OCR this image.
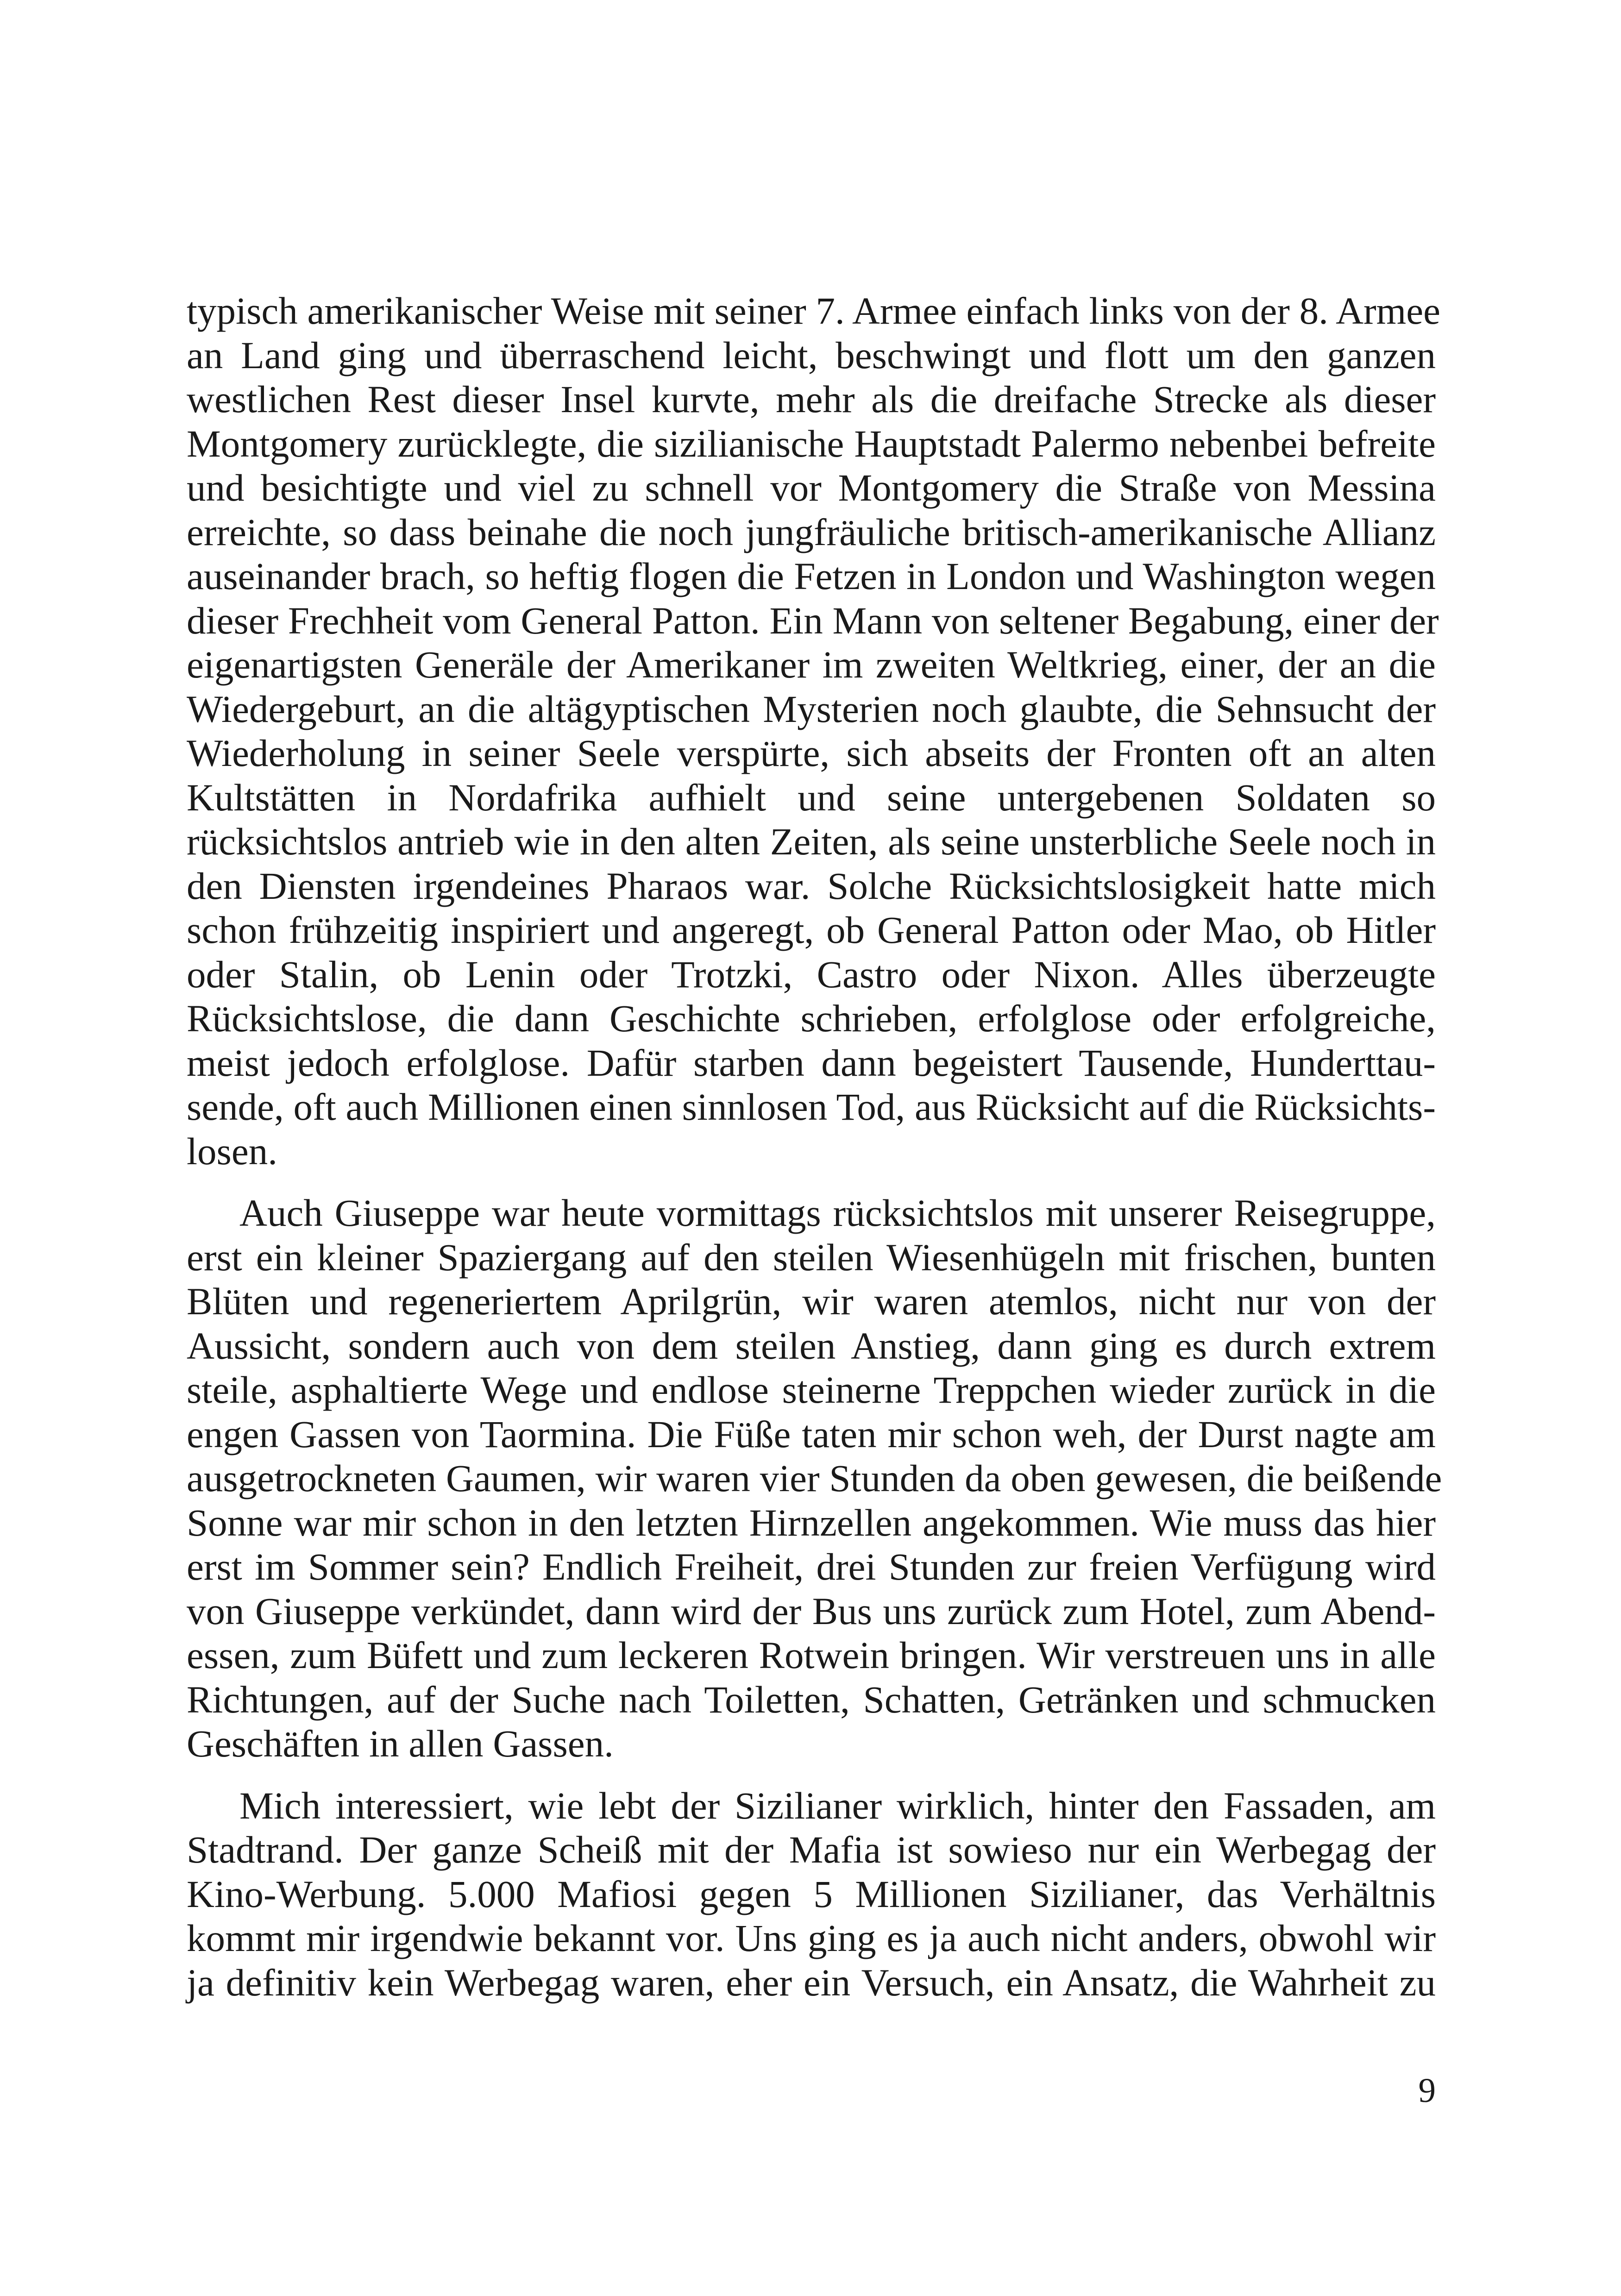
typisch amerikanischer Weise mit seiner 7. Armee einfach links von der 8. Armee
an Land ging und überraschend leicht, beschwingt und flott um den ganzen
westlichen Rest dieser Insel kurvte, mehr als die dreifache Strecke als dieser
Montgomery zurücklegte, die sizilianische Hauptstadt Palermo nebenbei befreite
und besichtigte und viel zu schnell vor Montgomery die Straße von Messina
erreichte, so dass beinahe die noch jungfräuliche britisch-amerikanische Allianz
auseinander brach, so heftig flogen die Fetzen in London und Washington wegen
dieser Frechheit vom General Patton. Ein Mann von seltener Begabung, einer der
eigenartigsten Generäle der Amerikaner im zweiten Weltkrieg, einer, der an die
Wiedergeburt, an die altägyptischen Mysterien noch glaubte, die Sehnsucht der
Wiederholung in seiner Seele verspürte, sich abseits der Fronten oft an alten
Kultstätten in Nordafrika aufhielt und seine untergebenen Soldaten so
rücksichtslos antrieb wie in den alten Zeiten, als seine unsterbliche Seele noch in
den Diensten irgendeines Pharaos war. Solche Rücksichtslosigkeit hatte mich
schon frühzeitig inspiriert und angeregt, ob General Patton oder Mao, ob Hitler
oder Stalin, ob Lenin oder Trotzki, Castro oder Nixon. Alles überzeugte
Rücksichtslose, die dann Geschichte schrieben, erfolglose oder erfolgreiche,
meist jedoch erfolglose. Dafür starben dann begeistert Tausende, Hunderttau-
sende, oft auch Millionen einen sinnlosen Tod, aus Rücksicht auf die Rücksichts-
losen.
Auch Giuseppe war heute vormittags rücksichtslos mit unserer Reisegruppe,
erst ein kleiner Spaziergang auf den steilen Wiesenhügeln mit frischen, bunten
Blüten und regeneriertem Aprilgrün, wir waren atemlos, nicht nur von der
Aussicht, sondern auch von dem steilen Anstieg, dann ging es durch extrem
steile, asphaltierte Wege und endlose steinerne Treppchen wieder zurück in die
engen Gassen von Taormina. Die Füße taten mir schon weh, der Durst nagte am
ausgetrockneten Gaumen, wir waren vier Stunden da oben gewesen, die beißende
Sonne war mir schon in den letzten Hirnzellen angekommen. Wie muss das hier
erst im Sommer sein? Endlich Freiheit, drei Stunden zur freien Verfügung wird
von Giuseppe verkündet, dann wird der Bus uns zurück zum Hotel, zum Abend-
essen, zum Büfett und zum leckeren Rotwein bringen. Wir verstreuen uns in alle
Richtungen, auf der Suche nach Toiletten, Schatten, Getränken und schmucken
Geschäften in allen Gassen.
Mich interessiert, wie lebt der Sizilianer wirklich, hinter den Fassaden, am
Stadtrand. Der ganze Scheiß mit der Mafia ist sowieso nur ein Werbegag der
Kino-Werbung. 5.000 Mafiosi gegen 5 Millionen Sizilianer, das Verhältnis
kommt mir irgendwie bekannt vor. Uns ging es ja auch nicht anders, obwohl wir
ja definitiv kein Werbegag waren, eher ein Versuch, ein Ansatz, die Wahrheit zu
9
